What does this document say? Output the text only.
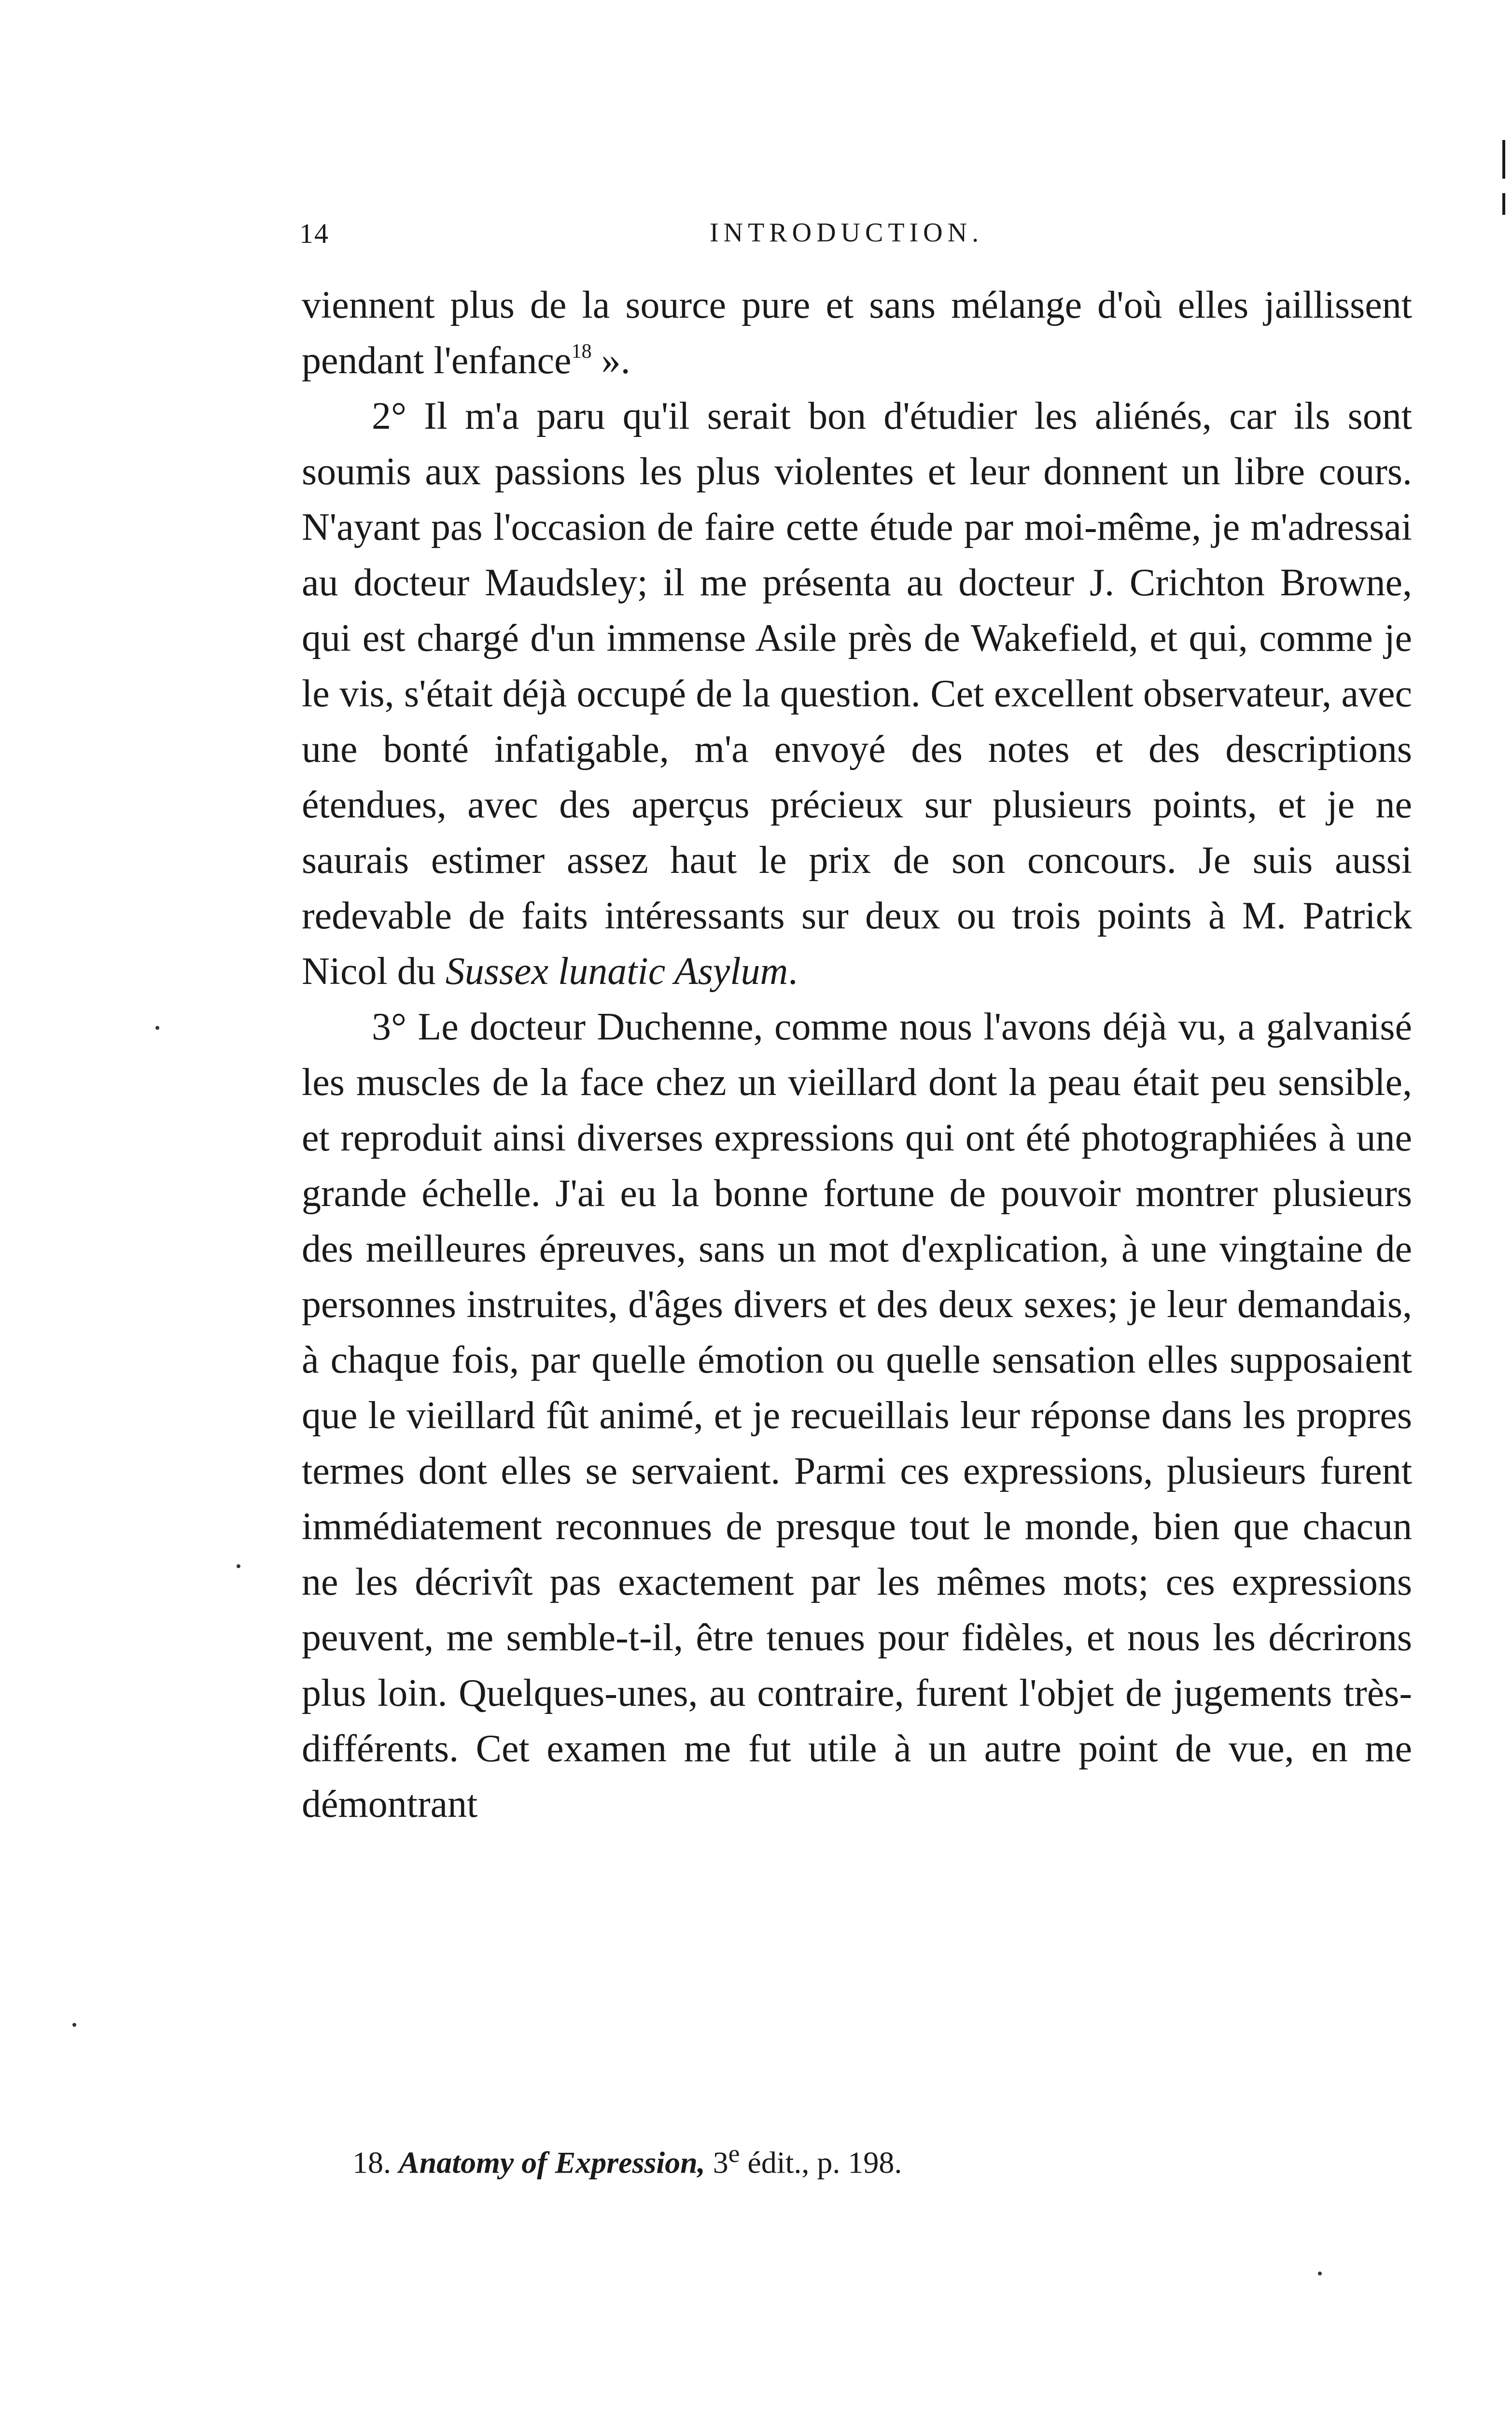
14	INTRODUCTION.

viennent plus de la source pure et sans mélange d'où elles jaillissent pendant l'enfance$^{18}$ ».

2° Il m'a paru qu'il serait bon d'étudier les aliénés, car ils sont soumis aux passions les plus violentes et leur donnent un libre cours. N'ayant pas l'occasion de faire cette étude par moi-même, je m'adressai au docteur Maudsley; il me présenta au docteur J. Crichton Browne, qui est chargé d'un immense Asile près de Wakefield, et qui, comme je le vis, s'était déjà occupé de la question. Cet excellent observateur, avec une bonté infatigable, m'a envoyé des notes et des descriptions étendues, avec des aperçus précieux sur plusieurs points, et je ne saurais estimer assez haut le prix de son concours. Je suis aussi redevable de faits intéressants sur deux ou trois points à M. Patrick Nicol du Sussex lunatic Asylum.

3° Le docteur Duchenne, comme nous l'avons déjà vu, a galvanisé les muscles de la face chez un vieillard dont la peau était peu sensible, et reproduit ainsi diverses expressions qui ont été photographiées à une grande échelle. J'ai eu la bonne fortune de pouvoir montrer plusieurs des meilleures épreuves, sans un mot d'explication, à une vingtaine de personnes instruites, d'âges divers et des deux sexes; je leur demandais, à chaque fois, par quelle émotion ou quelle sensation elles supposaient que le vieillard fût animé, et je recueillais leur réponse dans les propres termes dont elles se servaient. Parmi ces expressions, plusieurs furent immédiatement reconnues de presque tout le monde, bien que chacun ne les décrivît pas exactement par les mêmes mots; ces expressions peuvent, me semble-t-il, être tenues pour fidèles, et nous les décrirons plus loin. Quelques-unes, au contraire, furent l'objet de jugements très-différents. Cet examen me fut utile à un autre point de vue, en me démontrant

18. Anatomy of Expression, 3e édit., p. 198.
